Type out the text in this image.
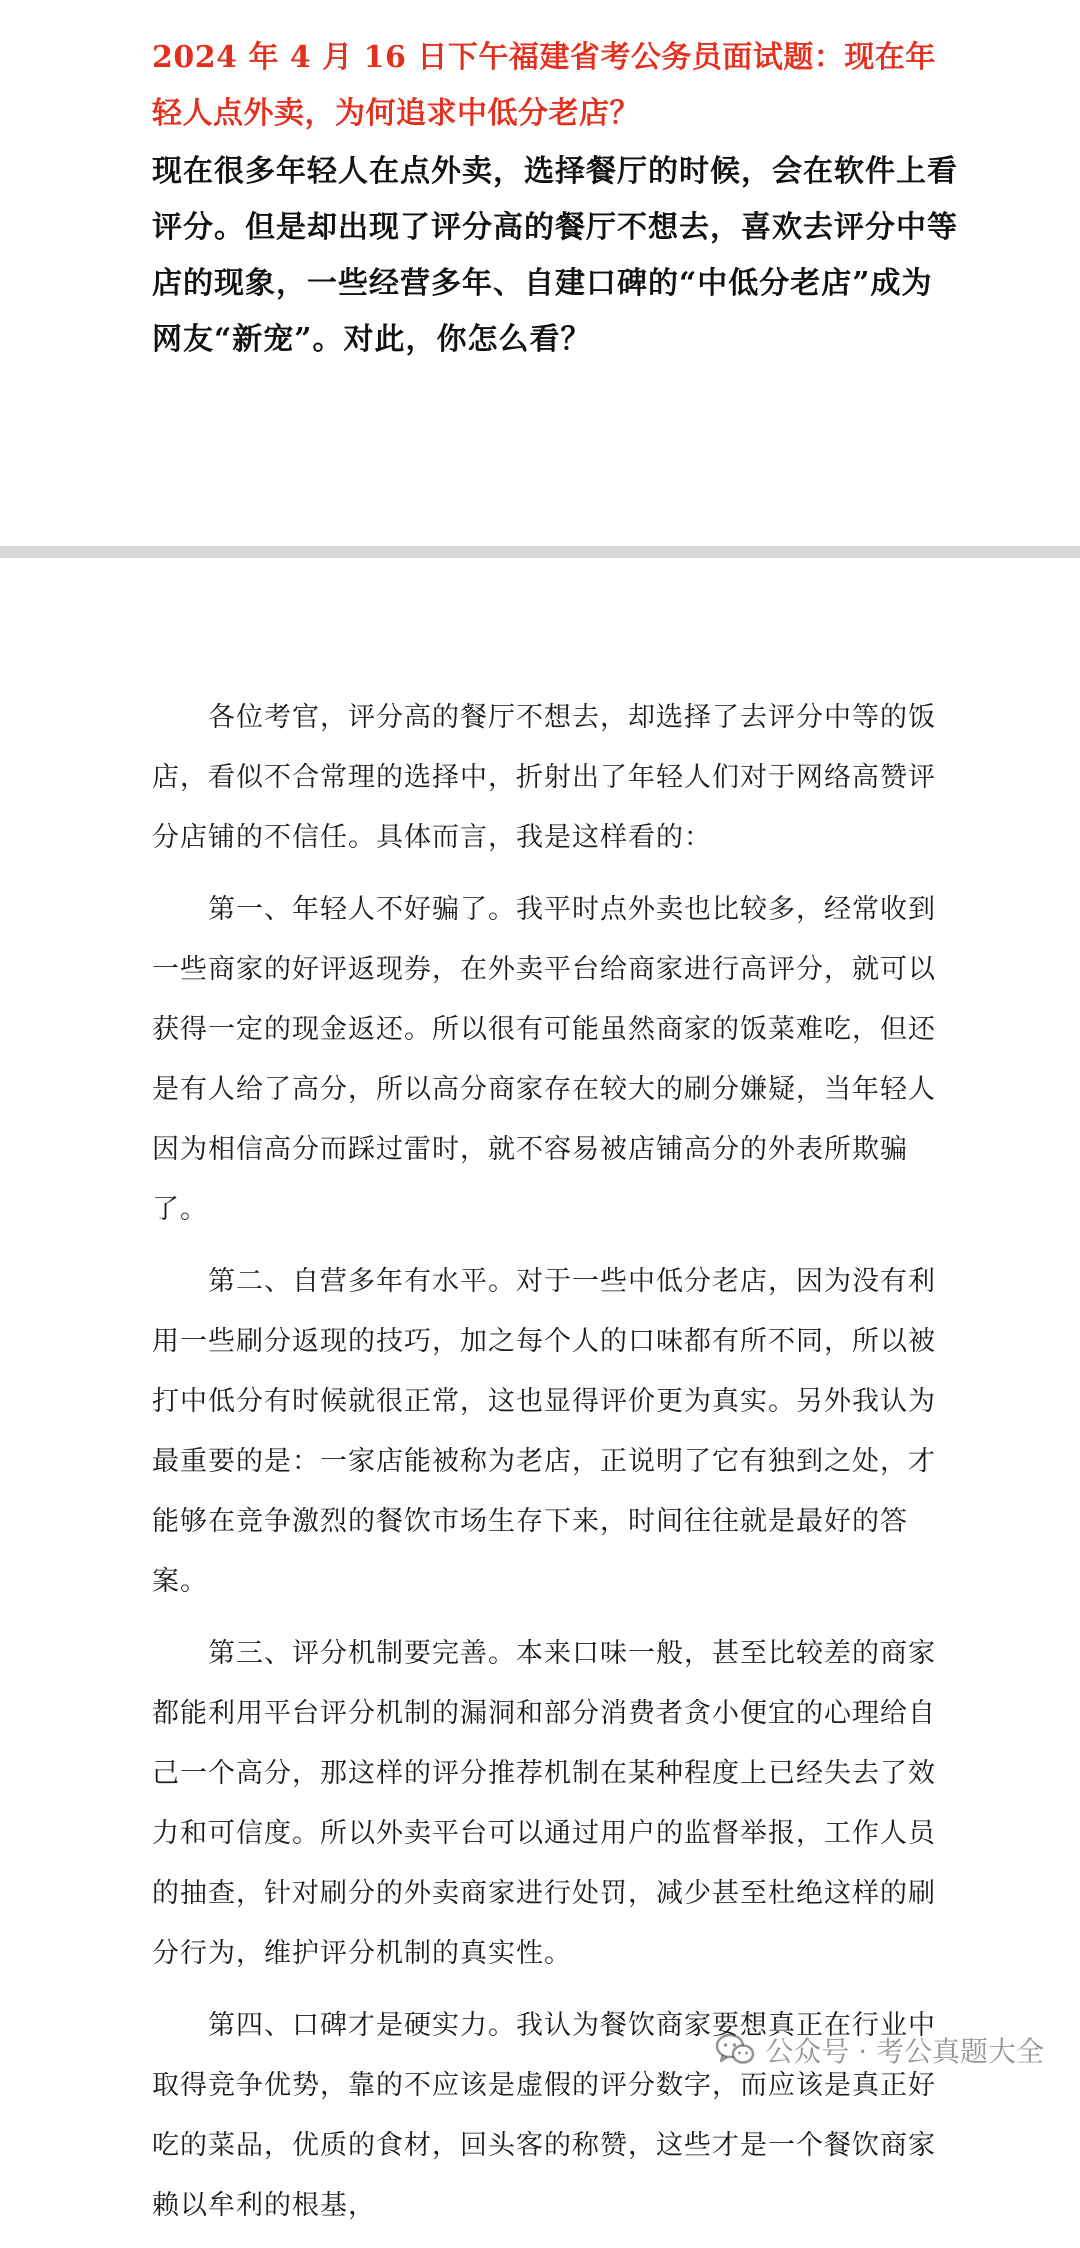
2024 年 4 月 16 日下午福建省考公务员面试题：现在年轻人点外卖，为何追求中低分老店？

现在很多年轻人在点外卖，选择餐厅的时候，会在软件上看评分。但是却出现了评分高的餐厅不想去，喜欢去评分中等店的现象，一些经营多年、自建口碑的“中低分老店”成为网友“新宠”。对此，你怎么看？

各位考官，评分高的餐厅不想去，却选择了去评分中等的饭店，看似不合常理的选择中，折射出了年轻人们对于网络高赞评分店铺的不信任。具体而言，我是这样看的：

第一、年轻人不好骗了。我平时点外卖也比较多，经常收到一些商家的好评返现券，在外卖平台给商家进行高评分，就可以获得一定的现金返还。所以很有可能虽然商家的饭菜难吃，但还是有人给了高分，所以高分商家存在较大的刷分嫌疑，当年轻人因为相信高分而踩过雷时，就不容易被店铺高分的外表所欺骗了。

第二、自营多年有水平。对于一些中低分老店，因为没有利用一些刷分返现的技巧，加之每个人的口味都有所不同，所以被打中低分有时候就很正常，这也显得评价更为真实。另外我认为最重要的是：一家店能被称为老店，正说明了它有独到之处，才能够在竞争激烈的餐饮市场生存下来，时间往往就是最好的答案。

第三、评分机制要完善。本来口味一般，甚至比较差的商家都能利用平台评分机制的漏洞和部分消费者贪小便宜的心理给自己一个高分，那这样的评分推荐机制在某种程度上已经失去了效力和可信度。所以外卖平台可以通过用户的监督举报，工作人员的抽查，针对刷分的外卖商家进行处罚，减少甚至杜绝这样的刷分行为，维护评分机制的真实性。

第四、口碑才是硬实力。我认为餐饮商家要想真正在行业中取得竞争优势，靠的不应该是虚假的评分数字，而应该是真正好吃的菜品，优质的食材，回头客的称赞，这些才是一个餐饮商家赖以牟利的根基，

公众号 · 考公真题大全
